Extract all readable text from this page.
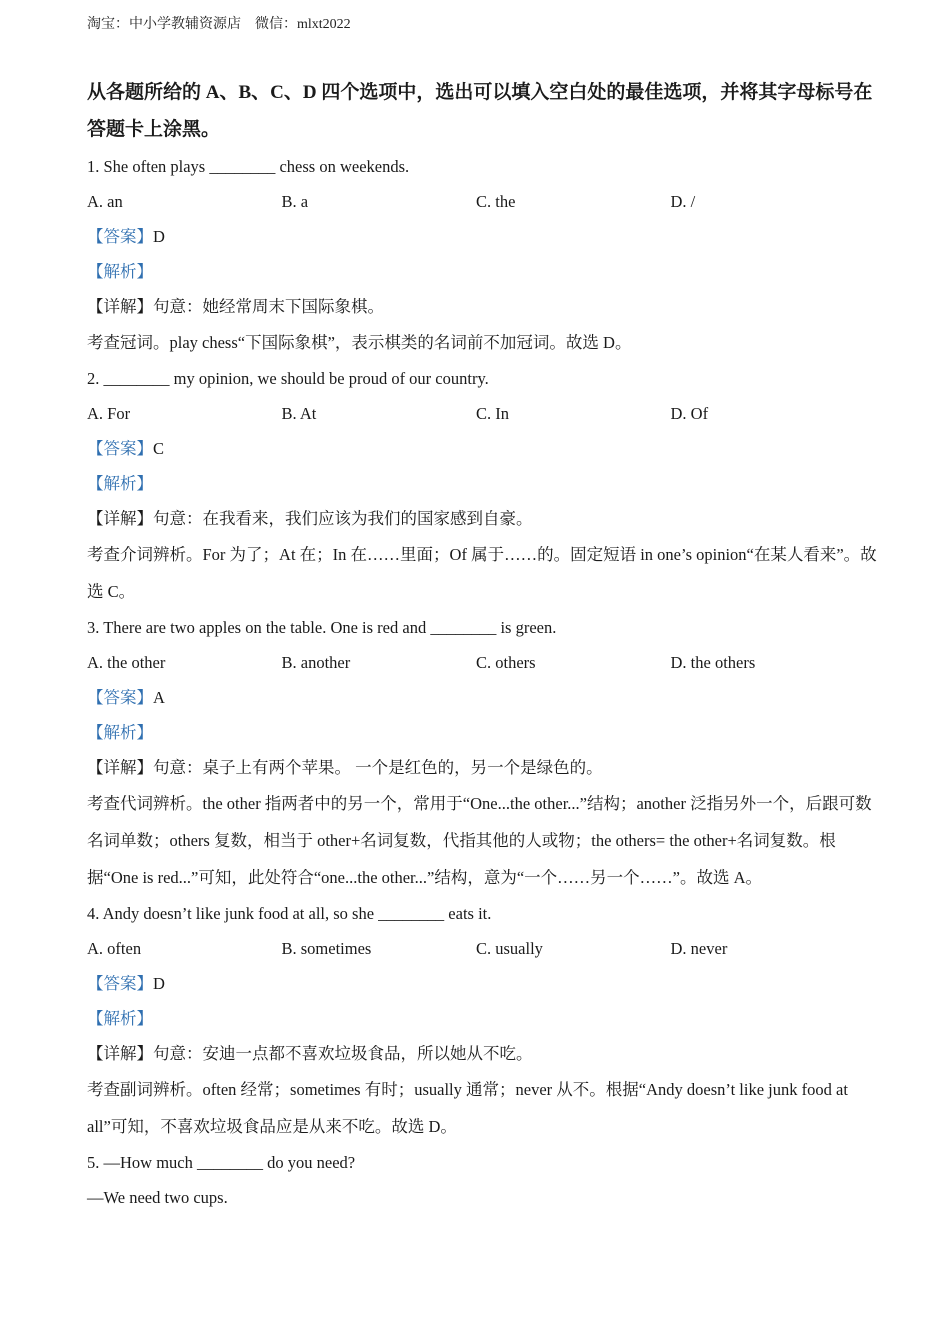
淘宝：中小学教辅资源店    微信：mlxt2022
从各题所给的 A、B、C、D 四个选项中，选出可以填入空白处的最佳选项，并将其字母标号在答题卡上涂黑。
1. She often plays ________ chess on weekends.
A. an	B. a	C. the	D. /
【答案】D
【解析】
【详解】句意：她经常周末下国际象棋。
考查冠词。play chess“下国际象棋”，表示棋类的名词前不加冠词。故选 D。
2. ________ my opinion, we should be proud of our country.
A. For	B. At	C. In	D. Of
【答案】C
【解析】
【详解】句意：在我看来，我们应该为我们的国家感到自豪。
考查介词辨析。For 为了；At 在；In 在……里面；Of 属于……的。固定短语 in one’s opinion“在某人看来”。故选 C。
3. There are two apples on the table. One is red and ________ is green.
A. the other	B. another	C. others	D. the others
【答案】A
【解析】
【详解】句意：桌子上有两个苹果。 一个是红色的，另一个是绿色的。
考查代词辨析。the other 指两者中的另一个，常用于“One...the other...”结构；another 泛指另外一个，后跟可数名词单数；others 复数，相当于 other+名词复数，代指其他的人或物；the others= the other+名词复数。根据“One is red...”可知，此处符合“one...the other...”结构，意为“一个……另一个……”。故选 A。
4. Andy doesn’t like junk food at all, so she ________ eats it.
A. often	B. sometimes	C. usually	D. never
【答案】D
【解析】
【详解】句意：安迪一点都不喜欢垃圾食品，所以她从不吃。
考查副词辨析。often 经常；sometimes 有时；usually 通常；never 从不。根据“Andy doesn’t like junk food at all”可知，不喜欢垃圾食品应是从来不吃。故选 D。
5. —How much ________ do you need?
—We need two cups.
